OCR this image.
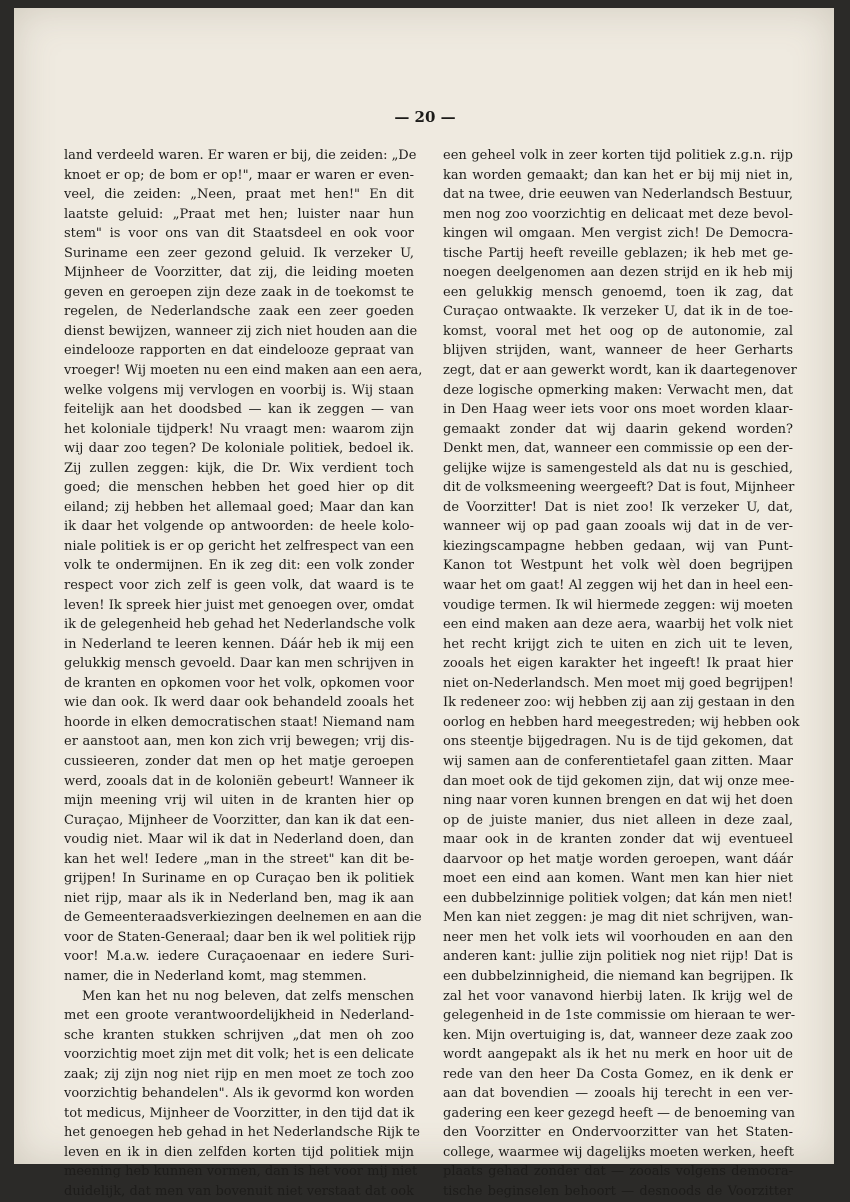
— 20 —
land verdeeld waren. Er waren er bij, die zeiden: „De
knoet er op; de bom er op!", maar er waren er even-
veel, die zeiden: „Neen, praat met hen!" En dit
laatste geluid: „Praat met hen; luister naar hun
stem" is voor ons van dit Staatsdeel en ook voor
Suriname een zeer gezond geluid. Ik verzeker U,
Mijnheer de Voorzitter, dat zij, die leiding moeten
geven en geroepen zijn deze zaak in de toekomst te
regelen, de Nederlandsche zaak een zeer goeden
dienst bewijzen, wanneer zij zich niet houden aan die
eindelooze rapporten en dat eindelooze gepraat van
vroeger! Wij moeten nu een eind maken aan een aera,
welke volgens mij vervlogen en voorbij is. Wij staan
feitelijk aan het doodsbed — kan ik zeggen — van
het koloniale tijdperk! Nu vraagt men: waarom zijn
wij daar zoo tegen? De koloniale politiek, bedoel ik.
Zij zullen zeggen: kijk, die Dr. Wix verdient toch
goed; die menschen hebben het goed hier op dit
eiland; zij hebben het allemaal goed; Maar dan kan
ik daar het volgende op antwoorden: de heele kolo-
niale politiek is er op gericht het zelfrespect van een
volk te ondermijnen. En ik zeg dit: een volk zonder
respect voor zich zelf is geen volk, dat waard is te
leven! Ik spreek hier juist met genoegen over, omdat
ik de gelegenheid heb gehad het Nederlandsche volk
in Nederland te leeren kennen. Dáár heb ik mij een
gelukkig mensch gevoeld. Daar kan men schrijven in
de kranten en opkomen voor het volk, opkomen voor
wie dan ook. Ik werd daar ook behandeld zooals het
hoorde in elken democratischen staat! Niemand nam
er aanstoot aan, men kon zich vrij bewegen; vrij dis-
cussieeren, zonder dat men op het matje geroepen
werd, zooals dat in de koloniën gebeurt! Wanneer ik
mijn meening vrij wil uiten in de kranten hier op
Curaçao, Mijnheer de Voorzitter, dan kan ik dat een-
voudig niet. Maar wil ik dat in Nederland doen, dan
kan het wel! Iedere „man in the street" kan dit be-
grijpen! In Suriname en op Curaçao ben ik politiek
niet rijp, maar als ik in Nederland ben, mag ik aan
de Gemeenteraadsverkiezingen deelnemen en aan die
voor de Staten-Generaal; daar ben ik wel politiek rijp
voor! M.a.w. iedere Curaçaoenaar en iedere Suri-
namer, die in Nederland komt, mag stemmen.
Men kan het nu nog beleven, dat zelfs menschen
met een groote verantwoordelijkheid in Nederland-
sche kranten stukken schrijven „dat men oh zoo
voorzichtig moet zijn met dit volk; het is een delicate
zaak; zij zijn nog niet rijp en men moet ze toch zoo
voorzichtig behandelen". Als ik gevormd kon worden
tot medicus, Mijnheer de Voorzitter, in den tijd dat ik
het genoegen heb gehad in het Nederlandsche Rijk te
leven en ik in dien zelfden korten tijd politiek mijn
meening heb kunnen vormen, dan is het voor mij niet
duidelijk, dat men van bovenuit niet verstaat dat ook
een geheel volk in zeer korten tijd politiek z.g.n. rijp
kan worden gemaakt; dan kan het er bij mij niet in,
dat na twee, drie eeuwen van Nederlandsch Bestuur,
men nog zoo voorzichtig en delicaat met deze bevol-
kingen wil omgaan. Men vergist zich! De Democra-
tische Partij heeft reveille geblazen; ik heb met ge-
noegen deelgenomen aan dezen strijd en ik heb mij
een gelukkig mensch genoemd, toen ik zag, dat
Curaçao ontwaakte. Ik verzeker U, dat ik in de toe-
komst, vooral met het oog op de autonomie, zal
blijven strijden, want, wanneer de heer Gerharts
zegt, dat er aan gewerkt wordt, kan ik daartegenover
deze logische opmerking maken: Verwacht men, dat
in Den Haag weer iets voor ons moet worden klaar-
gemaakt zonder dat wij daarin gekend worden?
Denkt men, dat, wanneer een commissie op een der-
gelijke wijze is samengesteld als dat nu is geschied,
dit de volksmeening weergeeft? Dat is fout, Mijnheer
de Voorzitter! Dat is niet zoo! Ik verzeker U, dat,
wanneer wij op pad gaan zooals wij dat in de ver-
kiezingscampagne hebben gedaan, wij van Punt-
Kanon tot Westpunt het volk wèl doen begrijpen
waar het om gaat! Al zeggen wij het dan in heel een-
voudige termen. Ik wil hiermede zeggen: wij moeten
een eind maken aan deze aera, waarbij het volk niet
het recht krijgt zich te uiten en zich uit te leven,
zooals het eigen karakter het ingeeft! Ik praat hier
niet on-Nederlandsch. Men moet mij goed begrijpen!
Ik redeneer zoo: wij hebben zij aan zij gestaan in den
oorlog en hebben hard meegestreden; wij hebben ook
ons steentje bijgedragen. Nu is de tijd gekomen, dat
wij samen aan de conferentietafel gaan zitten. Maar
dan moet ook de tijd gekomen zijn, dat wij onze mee-
ning naar voren kunnen brengen en dat wij het doen
op de juiste manier, dus niet alleen in deze zaal,
maar ook in de kranten zonder dat wij eventueel
daarvoor op het matje worden geroepen, want dáár
moet een eind aan komen. Want men kan hier niet
een dubbelzinnige politiek volgen; dat kán men niet!
Men kan niet zeggen: je mag dit niet schrijven, wan-
neer men het volk iets wil voorhouden en aan den
anderen kant: jullie zijn politiek nog niet rijp! Dat is
een dubbelzinnigheid, die niemand kan begrijpen. Ik
zal het voor vanavond hierbij laten. Ik krijg wel de
gelegenheid in de 1ste commissie om hieraan te wer-
ken. Mijn overtuiging is, dat, wanneer deze zaak zoo
wordt aangepakt als ik het nu merk en hoor uit de
rede van den heer Da Costa Gomez, en ik denk er
aan dat bovendien — zooals hij terecht in een ver-
gadering een keer gezegd heeft — de benoeming van
den Voorzitter en Ondervoorzitter van het Staten-
college, waarmee wij dagelijks moeten werken, heeft
plaats gehad zonder dat — zooals volgens democra-
tische beginselen behoort — desnoods de Voorzitter
